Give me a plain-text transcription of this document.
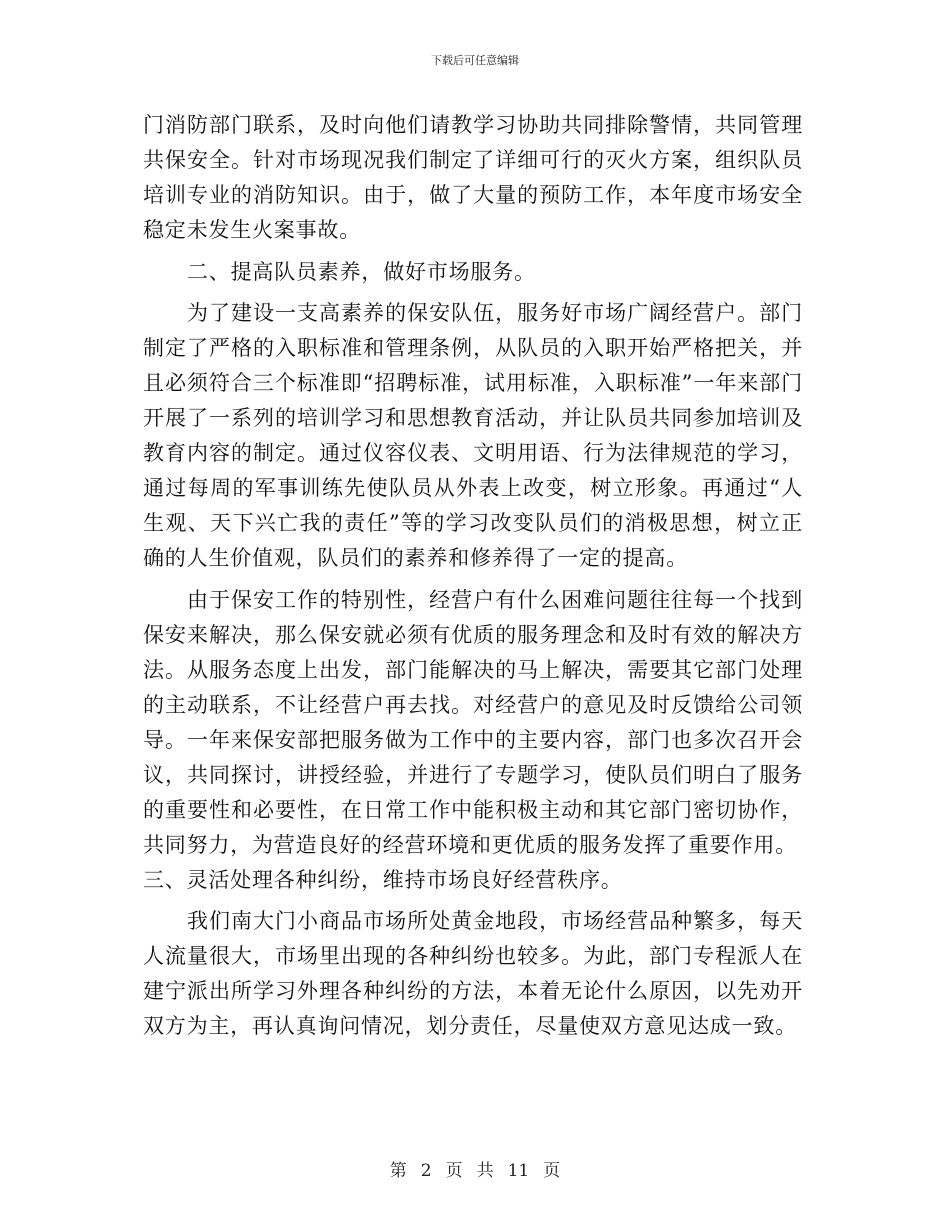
下载后可任意编辑

门消防部门联系，及时向他们请教学习协助共同排除警情，共同管理共保安全。针对市场现况我们制定了详细可行的灭火方案，组织队员培训专业的消防知识。由于，做了大量的预防工作，本年度市场安全稳定未发生火案事故。

二、提高队员素养，做好市场服务。

为了建设一支高素养的保安队伍，服务好市场广阔经营户。部门制定了严格的入职标准和管理条例，从队员的入职开始严格把关，并且必须符合三个标准即“招聘标准，试用标准，入职标准”一年来部门开展了一系列的培训学习和思想教育活动，并让队员共同参加培训及教育内容的制定。通过仪容仪表、文明用语、行为法律规范的学习，通过每周的军事训练先使队员从外表上改变，树立形象。再通过“人生观、天下兴亡我的责任”等的学习改变队员们的消极思想，树立正确的人生价值观，队员们的素养和修养得了一定的提高。

由于保安工作的特别性，经营户有什么困难问题往往每一个找到保安来解决，那么保安就必须有优质的服务理念和及时有效的解决方法。从服务态度上出发，部门能解决的马上解决，需要其它部门处理的主动联系，不让经营户再去找。对经营户的意见及时反馈给公司领导。一年来保安部把服务做为工作中的主要内容，部门也多次召开会议，共同探讨，讲授经验，并进行了专题学习，使队员们明白了服务的重要性和必要性，在日常工作中能积极主动和其它部门密切协作，共同努力，为营造良好的经营环境和更优质的服务发挥了重要作用。

三、灵活处理各种纠纷，维持市场良好经营秩序。

我们南大门小商品市场所处黄金地段，市场经营品种繁多，每天人流量很大，市场里出现的各种纠纷也较多。为此，部门专程派人在建宁派出所学习外理各种纠纷的方法，本着无论什么原因，以先劝开双方为主，再认真询问情况，划分责任，尽量使双方意见达成一致。

第 2 页 共 11 页
